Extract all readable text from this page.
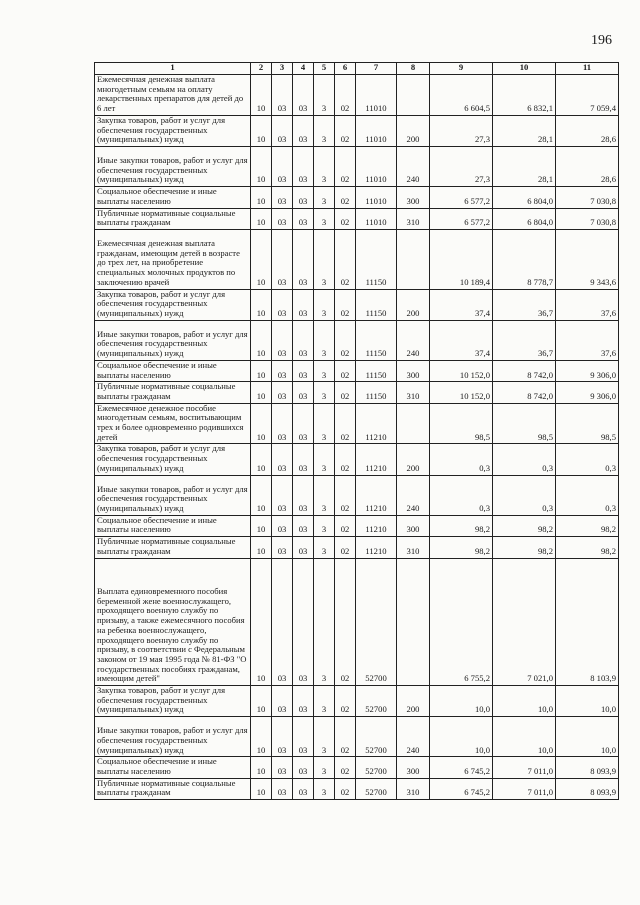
196
1	2	3	4	5	6	7	8	9	10	11
Ежемесячная денежная выплата многодетным семьям на оплату лекарственных препаратов для детей до 6 лет	10	03	03	3	02	11010		6 604,5	6 832,1	7 059,4
Закупка товаров, работ и услуг для обеспечения государственных (муниципальных) нужд	10	03	03	3	02	11010	200	27,3	28,1	28,6
Иные закупки товаров, работ и услуг для обеспечения государственных (муниципальных) нужд	10	03	03	3	02	11010	240	27,3	28,1	28,6
Социальное обеспечение и иные выплаты населению	10	03	03	3	02	11010	300	6 577,2	6 804,0	7 030,8
Публичные нормативные социальные выплаты гражданам	10	03	03	3	02	11010	310	6 577,2	6 804,0	7 030,8
Ежемесячная денежная выплата гражданам, имеющим детей в возрасте до трех лет, на приобретение специальных молочных продуктов по заключению врачей	10	03	03	3	02	11150		10 189,4	8 778,7	9 343,6
Закупка товаров, работ и услуг для обеспечения государственных (муниципальных) нужд	10	03	03	3	02	11150	200	37,4	36,7	37,6
Иные закупки товаров, работ и услуг для обеспечения государственных (муниципальных) нужд	10	03	03	3	02	11150	240	37,4	36,7	37,6
Социальное обеспечение и иные выплаты населению	10	03	03	3	02	11150	300	10 152,0	8 742,0	9 306,0
Публичные нормативные социальные выплаты гражданам	10	03	03	3	02	11150	310	10 152,0	8 742,0	9 306,0
Ежемесячное денежное пособие многодетным семьям, воспитывающим трех и более одновременно родившихся детей	10	03	03	3	02	11210		98,5	98,5	98,5
Закупка товаров, работ и услуг для обеспечения государственных (муниципальных) нужд	10	03	03	3	02	11210	200	0,3	0,3	0,3
Иные закупки товаров, работ и услуг для обеспечения государственных (муниципальных) нужд	10	03	03	3	02	11210	240	0,3	0,3	0,3
Социальное обеспечение и иные выплаты населению	10	03	03	3	02	11210	300	98,2	98,2	98,2
Публичные нормативные социальные выплаты гражданам	10	03	03	3	02	11210	310	98,2	98,2	98,2
Выплата единовременного пособия беременной жене военнослужащего, проходящего военную службу по призыву, а также ежемесячного пособия на ребенка военнослужащего, проходящего военную службу по призыву, в соответствии с Федеральным законом от 19 мая 1995 года № 81-ФЗ "О государственных пособиях гражданам, имеющим детей"	10	03	03	3	02	52700		6 755,2	7 021,0	8 103,9
Закупка товаров, работ и услуг для обеспечения государственных (муниципальных) нужд	10	03	03	3	02	52700	200	10,0	10,0	10,0
Иные закупки товаров, работ и услуг для обеспечения государственных (муниципальных) нужд	10	03	03	3	02	52700	240	10,0	10,0	10,0
Социальное обеспечение и иные выплаты населению	10	03	03	3	02	52700	300	6 745,2	7 011,0	8 093,9
Публичные нормативные социальные выплаты гражданам	10	03	03	3	02	52700	310	6 745,2	7 011,0	8 093,9
